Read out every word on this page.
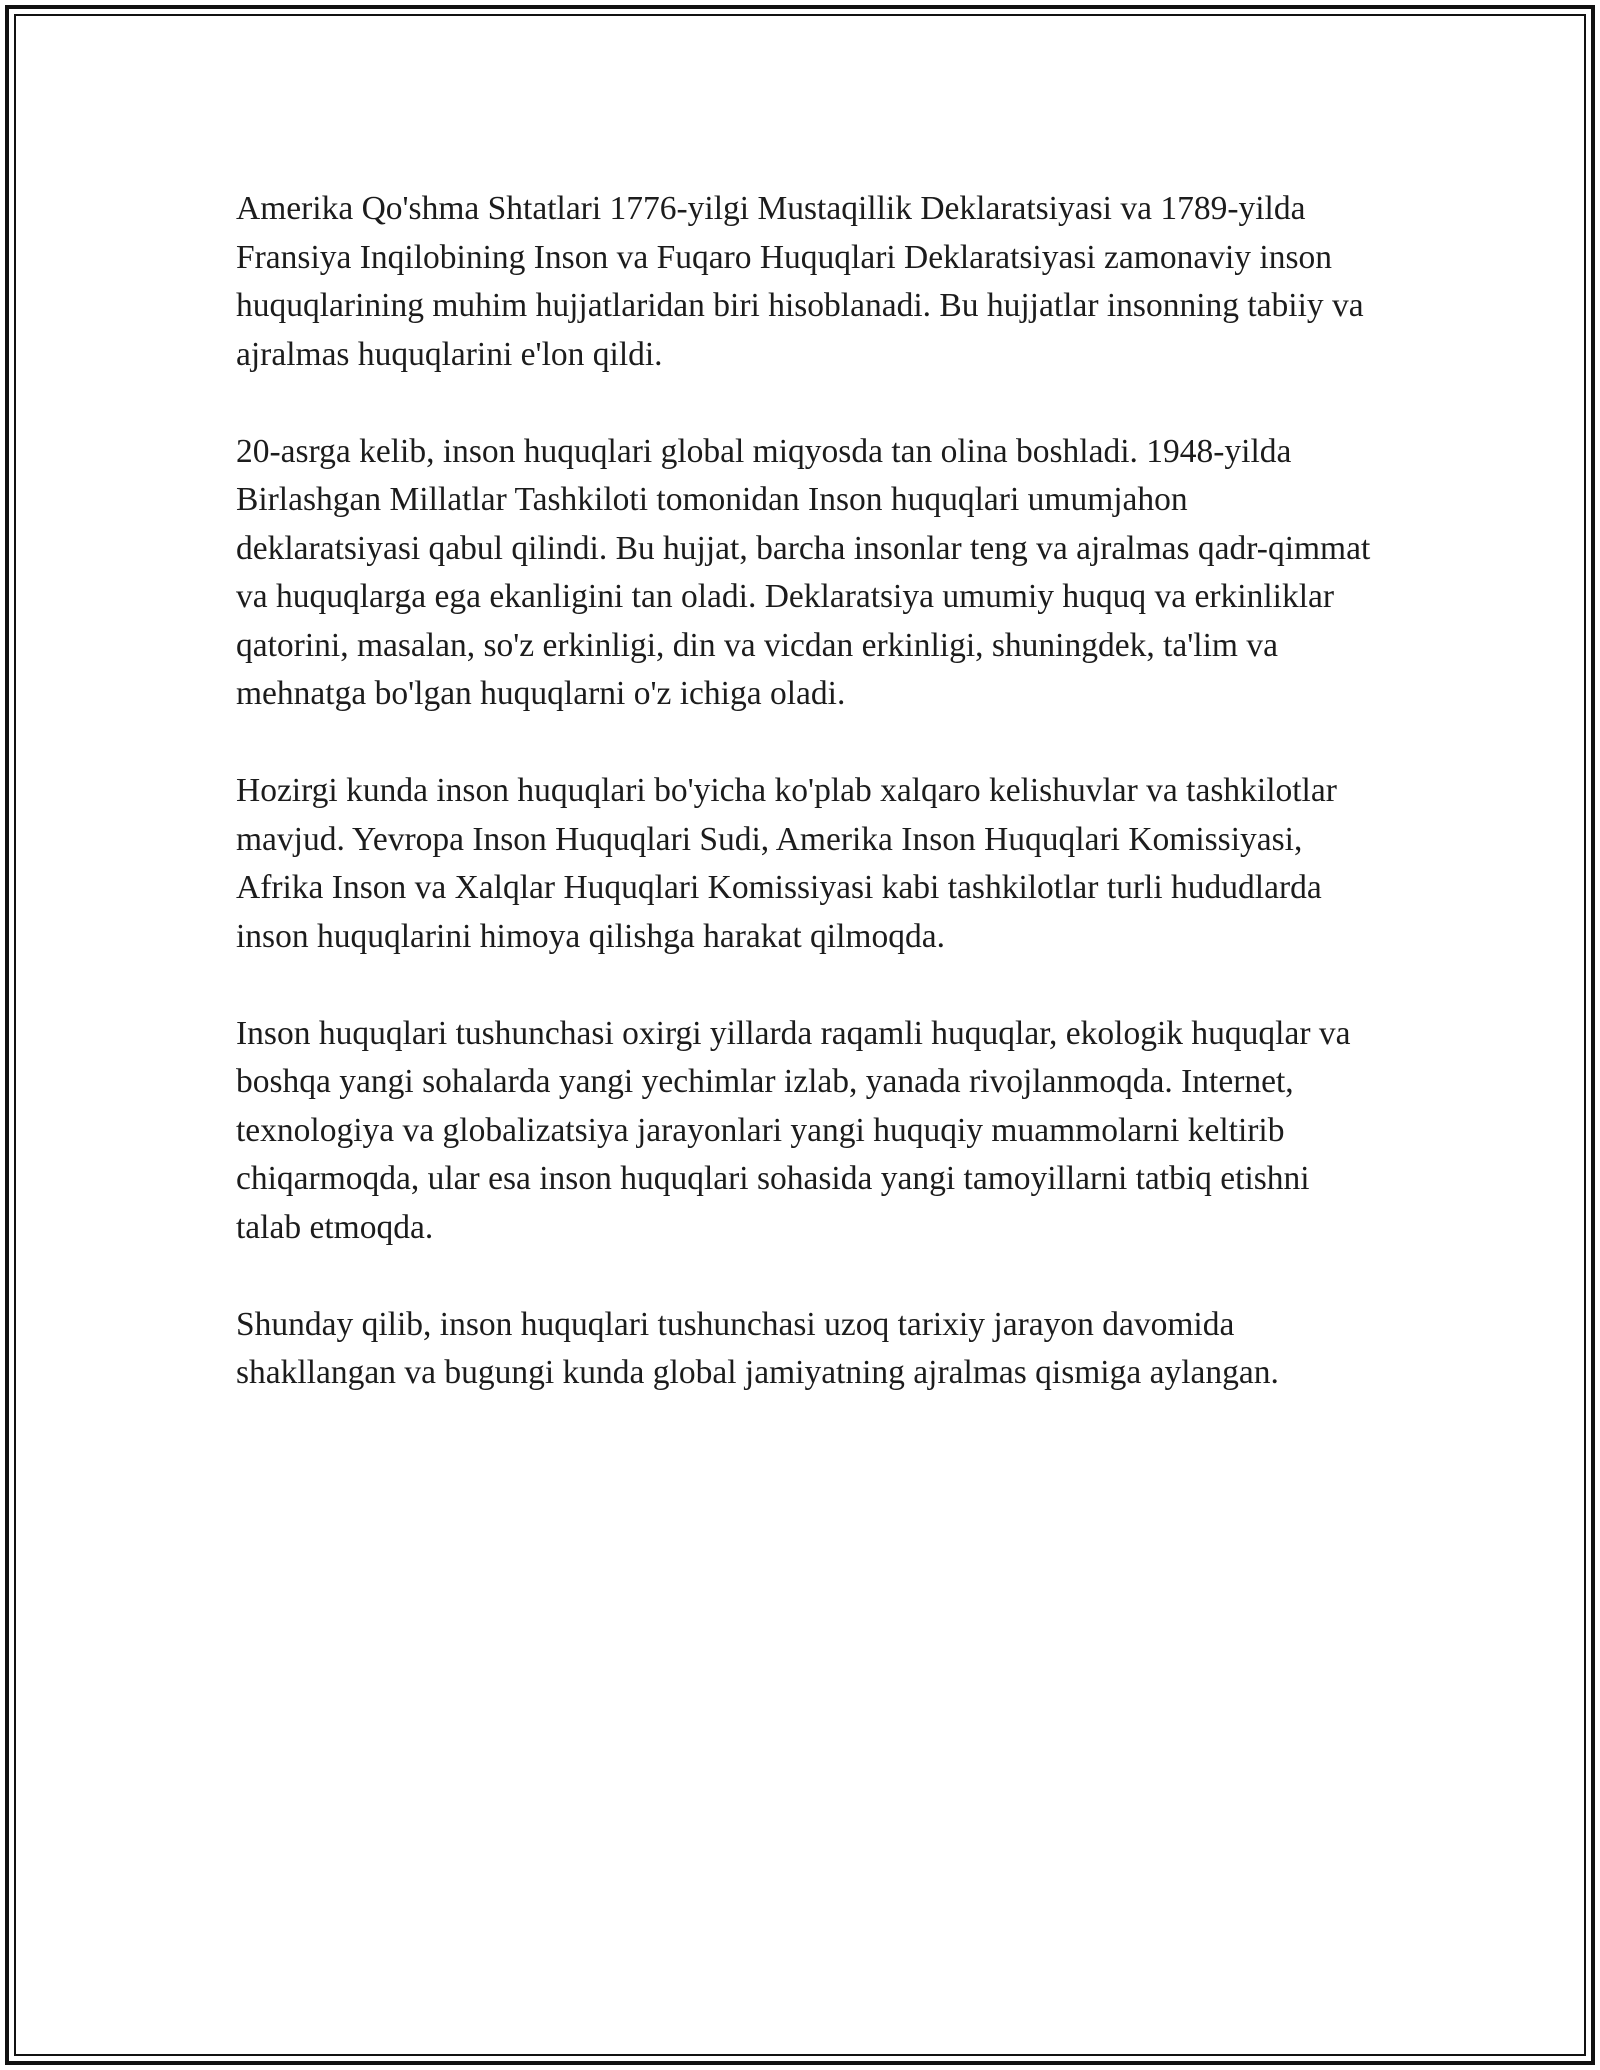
Amerika Qo'shma Shtatlari 1776-yilgi Mustaqillik Deklaratsiyasi va 1789-yilda Fransiya Inqilobining Inson va Fuqaro Huquqlari Deklaratsiyasi zamonaviy inson huquqlarining muhim hujjatlaridan biri hisoblanadi. Bu hujjatlar insonning tabiiy va ajralmas huquqlarini e'lon qildi.

20-asrga kelib, inson huquqlari global miqyosda tan olina boshladi. 1948-yilda Birlashgan Millatlar Tashkiloti tomonidan Inson huquqlari umumjahon deklaratsiyasi qabul qilindi. Bu hujjat, barcha insonlar teng va ajralmas qadr-qimmat va huquqlarga ega ekanligini tan oladi. Deklaratsiya umumiy huquq va erkinliklar qatorini, masalan, so'z erkinligi, din va vicdan erkinligi, shuningdek, ta'lim va mehnatga bo'lgan huquqlarni o'z ichiga oladi.

Hozirgi kunda inson huquqlari bo'yicha ko'plab xalqaro kelishuvlar va tashkilotlar mavjud. Yevropa Inson Huquqlari Sudi, Amerika Inson Huquqlari Komissiyasi, Afrika Inson va Xalqlar Huquqlari Komissiyasi kabi tashkilotlar turli hududlarda inson huquqlarini himoya qilishga harakat qilmoqda.

Inson huquqlari tushunchasi oxirgi yillarda raqamli huquqlar, ekologik huquqlar va boshqa yangi sohalarda yangi yechimlar izlab, yanada rivojlanmoqda. Internet, texnologiya va globalizatsiya jarayonlari yangi huquqiy muammolarni keltirib chiqarmoqda, ular esa inson huquqlari sohasida yangi tamoyillarni tatbiq etishni talab etmoqda.

Shunday qilib, inson huquqlari tushunchasi uzoq tarixiy jarayon davomida shakllangan va bugungi kunda global jamiyatning ajralmas qismiga aylangan.
